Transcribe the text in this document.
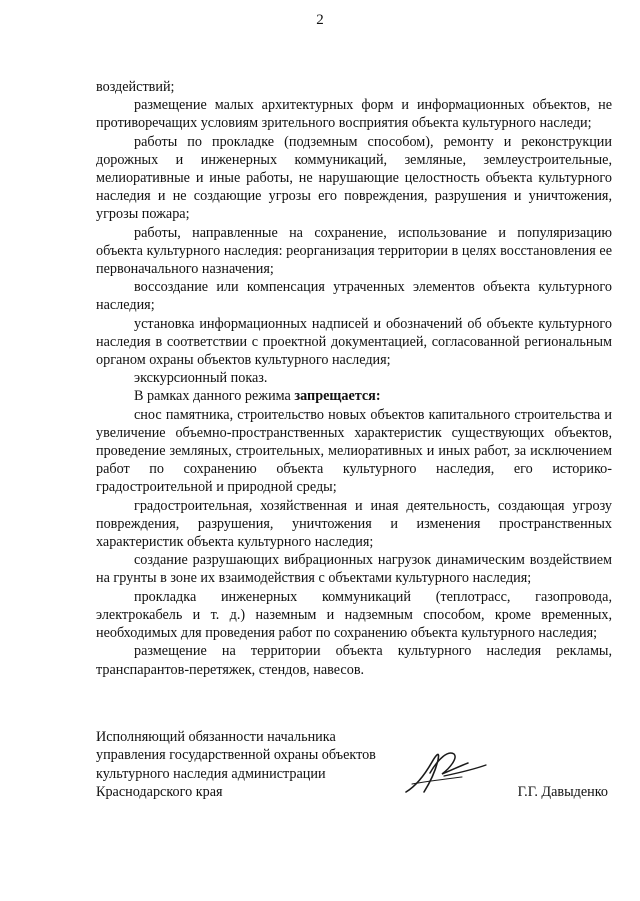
2

воздействий;

размещение малых архитектурных форм и информационных объектов, не противоречащих условиям зрительного восприятия объекта культурного наследи;

работы по прокладке (подземным способом), ремонту и реконструкции дорожных и инженерных коммуникаций, земляные, землеустроительные, мелиоративные и иные работы, не нарушающие целостность объекта культурного наследия и не создающие угрозы его повреждения, разрушения и уничтожения, угрозы пожара;

работы, направленные на сохранение, использование и популяризацию объекта культурного наследия: реорганизация территории в целях восстановления ее первоначального назначения;

воссоздание или компенсация утраченных элементов объекта культурного наследия;

установка информационных надписей и обозначений об объекте культурного наследия в соответствии с проектной документацией, согласованной региональным органом охраны объектов культурного наследия;

экскурсионный показ.

В рамках данного режима запрещается:

снос памятника, строительство новых объектов капитального строительства и увеличение объемно-пространственных характеристик существующих объектов, проведение земляных, строительных, мелиоративных и иных работ, за исключением работ по сохранению объекта культурного наследия, его историко-градостроительной и природной среды;

градостроительная, хозяйственная и иная деятельность, создающая угрозу повреждения, разрушения, уничтожения и изменения пространственных характеристик объекта культурного наследия;

создание разрушающих вибрационных нагрузок динамическим воздействием на грунты в зоне их взаимодействия с объектами культурного наследия;

прокладка инженерных коммуникаций (теплотрасс, газопровода, электрокабель и т. д.) наземным и надземным способом, кроме временных, необходимых для проведения работ по сохранению объекта культурного наследия;

размещение на территории объекта культурного наследия рекламы, транспарантов-перетяжек, стендов, навесов.

Исполняющий обязанности начальника
управления государственной охраны объектов
культурного наследия администрации
Краснодарского края	Г.Г. Давыденко
